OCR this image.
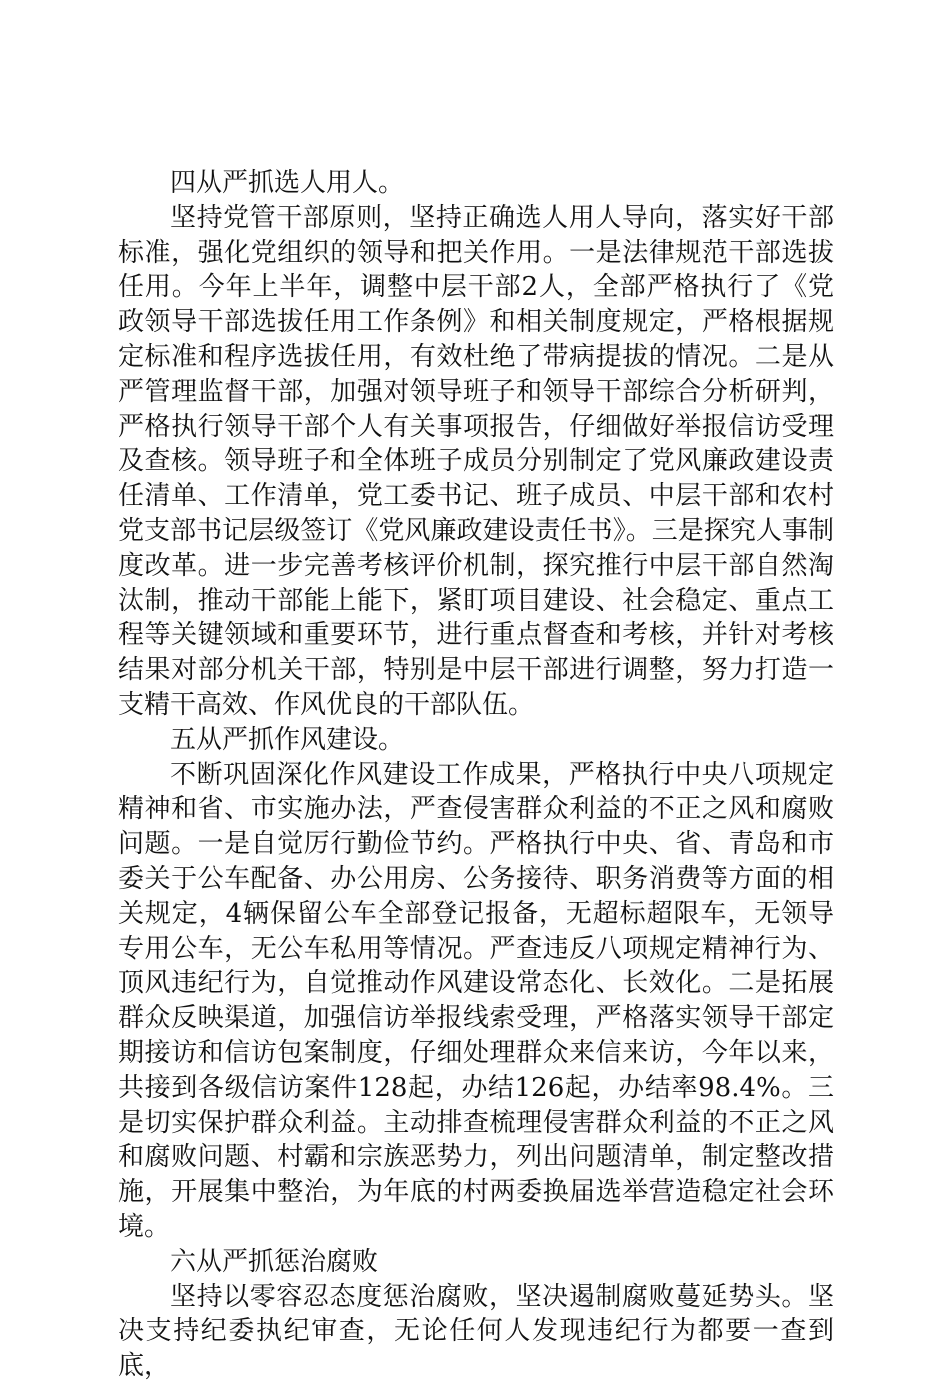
四从严抓选人用人。

坚持党管干部原则，坚持正确选人用人导向，落实好干部标准，强化党组织的领导和把关作用。一是法律规范干部选拔任用。今年上半年，调整中层干部2人，全部严格执行了《党政领导干部选拔任用工作条例》和相关制度规定，严格根据规定标准和程序选拔任用，有效杜绝了带病提拔的情况。二是从严管理监督干部，加强对领导班子和领导干部综合分析研判，严格执行领导干部个人有关事项报告，仔细做好举报信访受理及查核。领导班子和全体班子成员分别制定了党风廉政建设责任清单、工作清单，党工委书记、班子成员、中层干部和农村党支部书记层级签订《党风廉政建设责任书》。三是探究人事制度改革。进一步完善考核评价机制，探究推行中层干部自然淘汰制，推动干部能上能下，紧盯项目建设、社会稳定、重点工程等关键领域和重要环节，进行重点督查和考核，并针对考核结果对部分机关干部，特别是中层干部进行调整，努力打造一支精干高效、作风优良的干部队伍。

五从严抓作风建设。

不断巩固深化作风建设工作成果，严格执行中央八项规定精神和省、市实施办法，严查侵害群众利益的不正之风和腐败问题。一是自觉厉行勤俭节约。严格执行中央、省、青岛和市委关于公车配备、办公用房、公务接待、职务消费等方面的相关规定，4辆保留公车全部登记报备，无超标超限车，无领导专用公车，无公车私用等情况。严查违反八项规定精神行为、顶风违纪行为，自觉推动作风建设常态化、长效化。二是拓展群众反映渠道，加强信访举报线索受理，严格落实领导干部定期接访和信访包案制度，仔细处理群众来信来访，今年以来，共接到各级信访案件128起，办结126起，办结率98.4%。三是切实保护群众利益。主动排查梳理侵害群众利益的不正之风和腐败问题、村霸和宗族恶势力，列出问题清单，制定整改措施，开展集中整治，为年底的村两委换届选举营造稳定社会环境。

六从严抓惩治腐败

坚持以零容忍态度惩治腐败，坚决遏制腐败蔓延势头。坚决支持纪委执纪审查，无论任何人发现违纪行为都要一查到底，
